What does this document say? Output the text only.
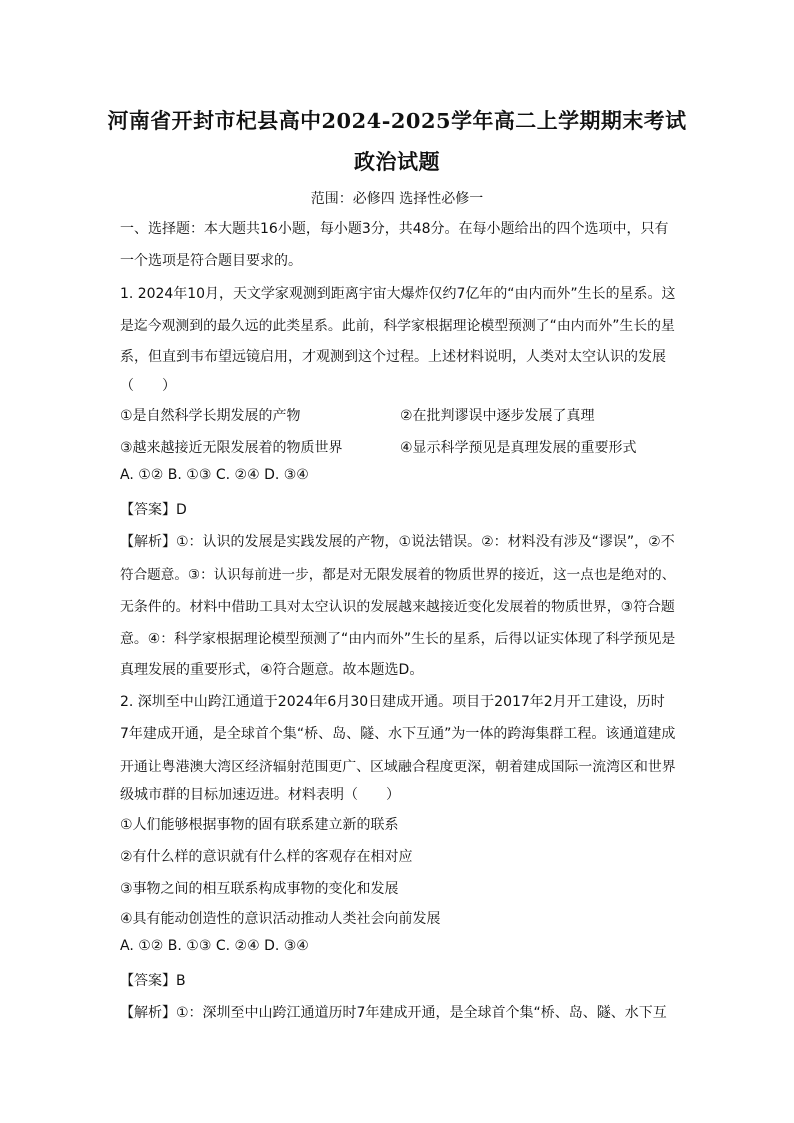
河南省开封市杞县高中2024-2025学年高二上学期期末考试
政治试题
范围：必修四 选择性必修一
一、选择题：本大题共16小题，每小题3分，共48分。在每小题给出的四个选项中，只有
一个选项是符合题目要求的。
1. 2024年10月，天文学家观测到距离宇宙大爆炸仅约7亿年的“由内而外”生长的星系。这
是迄今观测到的最久远的此类星系。此前，科学家根据理论模型预测了“由内而外”生长的星
系，但直到韦布望远镜启用，才观测到这个过程。上述材料说明，人类对太空认识的发展
（　　）
①是自然科学长期发展的产物	②在批判谬误中逐步发展了真理
③越来越接近无限发展着的物质世界	④显示科学预见是真理发展的重要形式
A. ①② B. ①③ C. ②④ D. ③④
【答案】D
【解析】①：认识的发展是实践发展的产物，①说法错误。②：材料没有涉及“谬误”，②不
符合题意。③：认识每前进一步，都是对无限发展着的物质世界的接近，这一点也是绝对的、
无条件的。材料中借助工具对太空认识的发展越来越接近变化发展着的物质世界，③符合题
意。④：科学家根据理论模型预测了“由内而外”生长的星系，后得以证实体现了科学预见是
真理发展的重要形式，④符合题意。故本题选D。
2. 深圳至中山跨江通道于2024年6月30日建成开通。项目于2017年2月开工建设，历时
7年建成开通，是全球首个集“桥、岛、隧、水下互通”为一体的跨海集群工程。该通道建成
开通让粤港澳大湾区经济辐射范围更广、区域融合程度更深，朝着建成国际一流湾区和世界
级城市群的目标加速迈进。材料表明（　　）
①人们能够根据事物的固有联系建立新的联系
②有什么样的意识就有什么样的客观存在相对应
③事物之间的相互联系构成事物的变化和发展
④具有能动创造性的意识活动推动人类社会向前发展
A. ①② B. ①③ C. ②④ D. ③④
【答案】B
【解析】①：深圳至中山跨江通道历时7年建成开通，是全球首个集“桥、岛、隧、水下互
